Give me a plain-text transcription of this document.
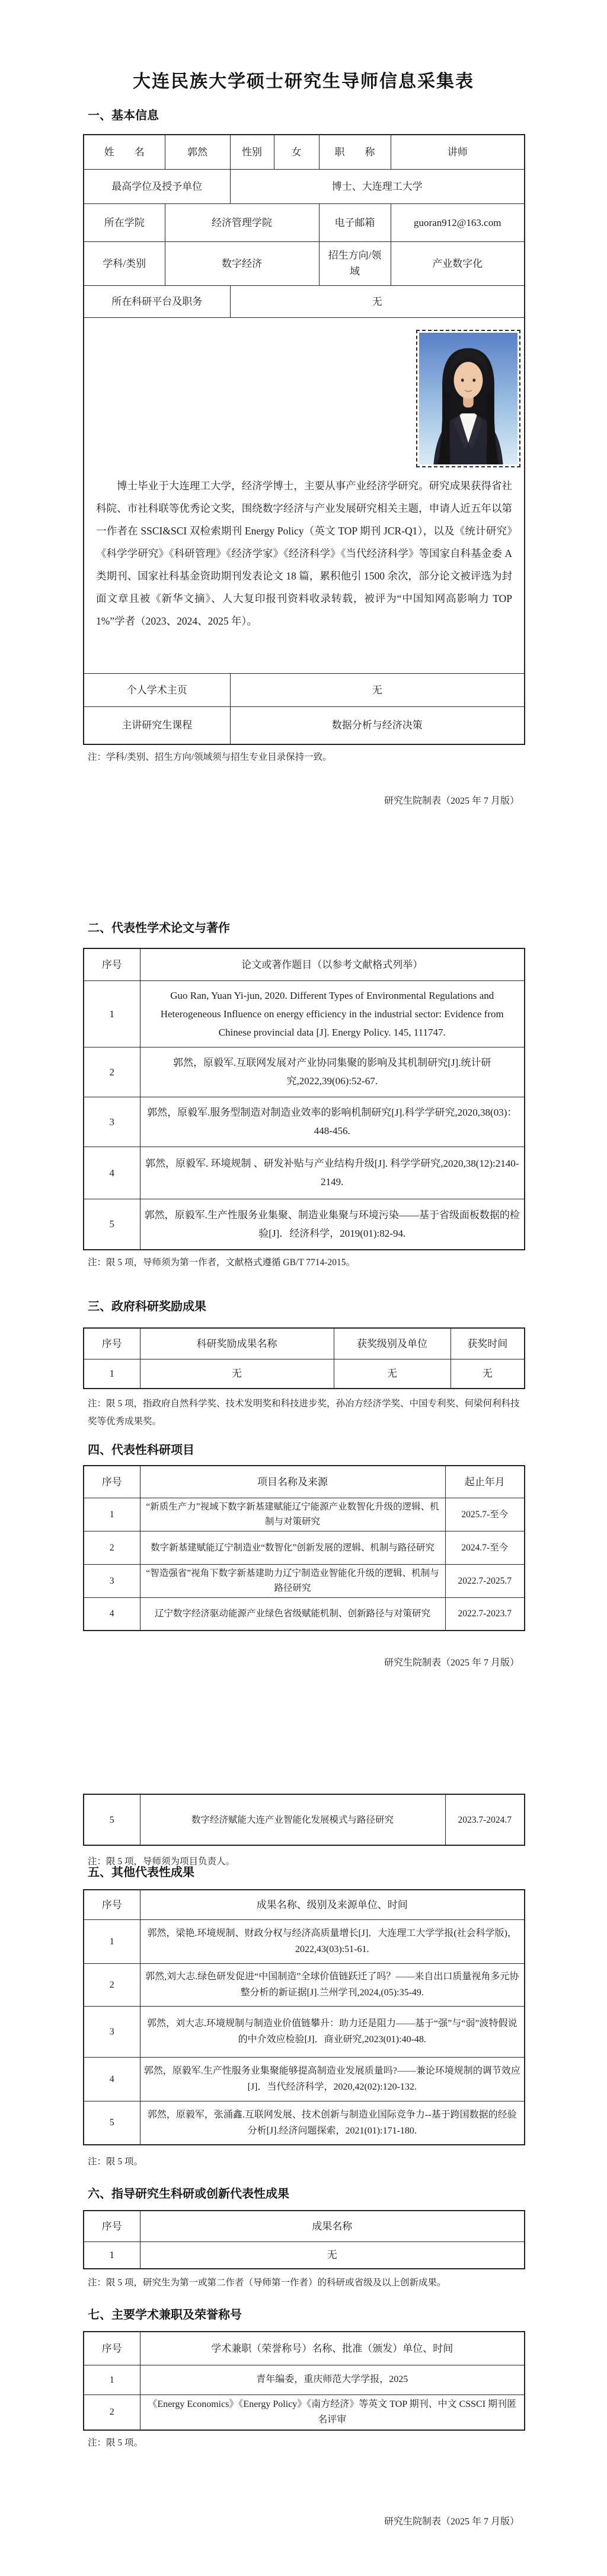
大连民族大学硕士研究生导师信息采集表
一、基本信息
姓　　名	郭然	性别	女	职　　称	讲师
最高学位及授予单位		博士、大连理工大学			
所在学院	经济管理学院			电子邮箱	guoran912@163.com
学科/类别	数字经济			招生方向/领域	产业数字化
所在科研平台及职务		无			

博士毕业于大连理工大学，经济学博士，主要从事产业经济学研究。研究成果获得省社科院、市社科联等优秀论文奖，围绕数字经济与产业发展研究相关主题，申请人近五年以第一作者在 SSCI&SCI 双检索期刊 Energy Policy（英文 TOP 期刊 JCR-Q1），以及《统计研究》《科学学研究》《科研管理》《经济学家》《经济科学》《当代经济科学》等国家自科基金委 A 类期刊、国家社科基金资助期刊发表论文 18 篇，累积他引 1500 余次，部分论文被评选为封面文章且被《新华文摘》、人大复印报刊资料收录转载，被评为“中国知网高影响力 TOP 1%”学者（2023、2024、2025 年）。					

个人学术主页		无			
主讲研究生课程		数据分析与经济决策			
注：学科/类别、招生方向/领域须与招生专业目录保持一致。
研究生院制表（2025 年 7 月版）
二、代表性学术论文与著作
序号	论文或著作题目（以参考文献格式列举）
1	Guo Ran, Yuan Yi-jun, 2020. Different Types of Environmental Regulations and Heterogeneous Influence on energy efficiency in the industrial sector: Evidence from Chinese provincial data [J]. Energy Policy. 145, 111747.
2	郭然，原毅军.互联网发展对产业协同集聚的影响及其机制研究[J].统计研究,2022,39(06):52-67.
3	郭然，原毅军.服务型制造对制造业效率的影响机制研究[J].科学学研究,2020,38(03)：448-456.
4	郭然，原毅军. 环境规制 、研发补贴与产业结构升级[J]. 科学学研究,2020,38(12):2140-2149.
5	郭然，原毅军.生产性服务业集聚、制造业集聚与环境污染——基于省级面板数据的检验[J]．经济科学，2019(01):82-94.
注：限 5 项，导师须为第一作者，文献格式遵循 GB/T 7714-2015。
三、政府科研奖励成果
序号	科研奖励成果名称	获奖级别及单位	获奖时间
1	无	无	无
注：限 5 项，指政府自然科学奖、技术发明奖和科技进步奖，孙冶方经济学奖、中国专利奖、何梁何利科技奖等优秀成果奖。
四、代表性科研项目
序号	项目名称及来源	起止年月
1	“新质生产力”视域下数字新基建赋能辽宁能源产业数智化升级的逻辑、机制与对策研究	2025.7-至今
2	数字新基建赋能辽宁制造业“数智化”创新发展的逻辑、机制与路径研究	2024.7-至今
3	“智造强省”视角下数字新基建助力辽宁制造业智能化升级的逻辑、机制与路径研究	2022.7-2025.7
4	辽宁数字经济驱动能源产业绿色省级赋能机制、创新路径与对策研究	2022.7-2023.7
研究生院制表（2025 年 7 月版）
5	数字经济赋能大连产业智能化发展模式与路径研究	2023.7-2024.7
注：限 5 项，导师须为项目负责人。
五、其他代表性成果
序号	成果名称、级别及来源单位、时间
1	郭然，梁艳.环境规制、财政分权与经济高质量增长[J]．大连理工大学学报(社会科学版)，2022,43(03):51-61.
2	郭然,刘大志.绿色研发促进“中国制造”全球价值链跃迁了吗？——来自出口质量视角多元协整分析的新证据[J].兰州学刊,2024,(05):35-49.
3	郭然，刘大志.环境规制与制造业价值链攀升：助力还是阻力——基于“强”与“弱”波特假说的中介效应检验[J]．商业研究,2023(01):40-48.
4	郭然，原毅军.生产性服务业集聚能够提高制造业发展质量吗?——兼论环境规制的调节效应[J]．当代经济科学，2020,42(02):120-132.
5	郭然，原毅军，张涌鑫.互联网发展、技术创新与制造业国际竞争力--基于跨国数据的经验分析[J].经济问题探索，2021(01):171-180.
注：限 5 项。
六、指导研究生科研或创新代表性成果
序号	成果名称
1	无
注：限 5 项，研究生为第一或第二作者（导师第一作者）的科研或省级及以上创新成果。
七、主要学术兼职及荣誉称号
序号	学术兼职（荣誉称号）名称、批准（颁发）单位、时间
1	青年编委，重庆师范大学学报，2025
2	《Energy Economics》《Energy Policy》《南方经济》等英文 TOP 期刊、中文 CSSCI 期刊匿名评审
注：限 5 项。
研究生院制表（2025 年 7 月版）
